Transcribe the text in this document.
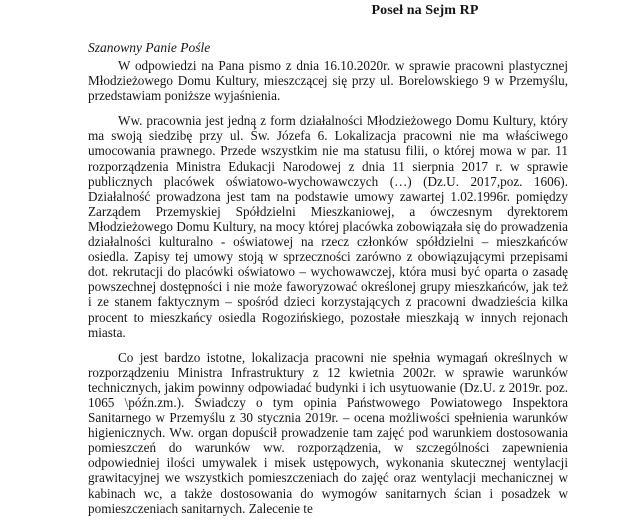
Poseł na Sejm RP
Szanowny Panie Pośle

W odpowiedzi na Pana pismo z dnia 16.10.2020r. w sprawie pracowni plastycznej Młodzieżowego Domu Kultury, mieszczącej się przy ul. Borelowskiego 9 w Przemyślu, przedstawiam poniższe wyjaśnienia.

Ww. pracownia jest jedną z form działalności Młodzieżowego Domu Kultury, który ma swoją siedzibę przy ul. Św. Józefa 6. Lokalizacja pracowni nie ma właściwego umocowania prawnego. Przede wszystkim nie ma statusu filii, o której mowa w par. 11 rozporządzenia Ministra Edukacji Narodowej z dnia 11 sierpnia 2017 r. w sprawie publicznych placówek oświatowo-wychowawczych (…) (Dz.U. 2017,poz. 1606). Działalność prowadzona jest tam na podstawie umowy zawartej 1.02.1996r. pomiędzy Zarządem Przemyskiej Spółdzielni Mieszkaniowej, a ówczesnym dyrektorem Młodzieżowego Domu Kultury, na mocy której placówka zobowiązała się do prowadzenia działalności kulturalno - oświatowej na rzecz członków spółdzielni – mieszkańców osiedla. Zapisy tej umowy stoją w sprzeczności zarówno z obowiązującymi przepisami dot. rekrutacji do placówki oświatowo – wychowawczej, która musi być oparta o zasadę powszechnej dostępności i nie może faworyzować określonej grupy mieszkańców, jak też i ze stanem faktycznym – spośród dzieci korzystających z pracowni dwadzieścia kilka procent to mieszkańcy osiedla Rogozińskiego, pozostałe mieszkają w innych rejonach miasta.

Co jest bardzo istotne, lokalizacja pracowni nie spełnia wymagań określnych w rozporządzeniu Ministra Infrastruktury z 12 kwietnia 2002r. w sprawie warunków technicznych, jakim powinny odpowiadać budynki i ich usytuowanie (Dz.U. z 2019r. poz. 1065 \późn.zm.). Świadczy o tym opinia Państwowego Powiatowego Inspektora Sanitarnego w Przemyślu z 30 stycznia 2019r. – ocena możliwości spełnienia warunków higienicznych. Ww. organ dopuścił prowadzenie tam zajęć pod warunkiem dostosowania pomieszczeń do warunków ww. rozporządzenia, w szczególności zapewnienia odpowiedniej ilości umywalek i misek ustępowych, wykonania skutecznej wentylacji grawitacyjnej we wszystkich pomieszczeniach do zajęć oraz wentylacji mechanicznej w kabinach wc, a także dostosowania do wymogów sanitarnych ścian i posadzek w pomieszczeniach sanitarnych. Zalecenie te
